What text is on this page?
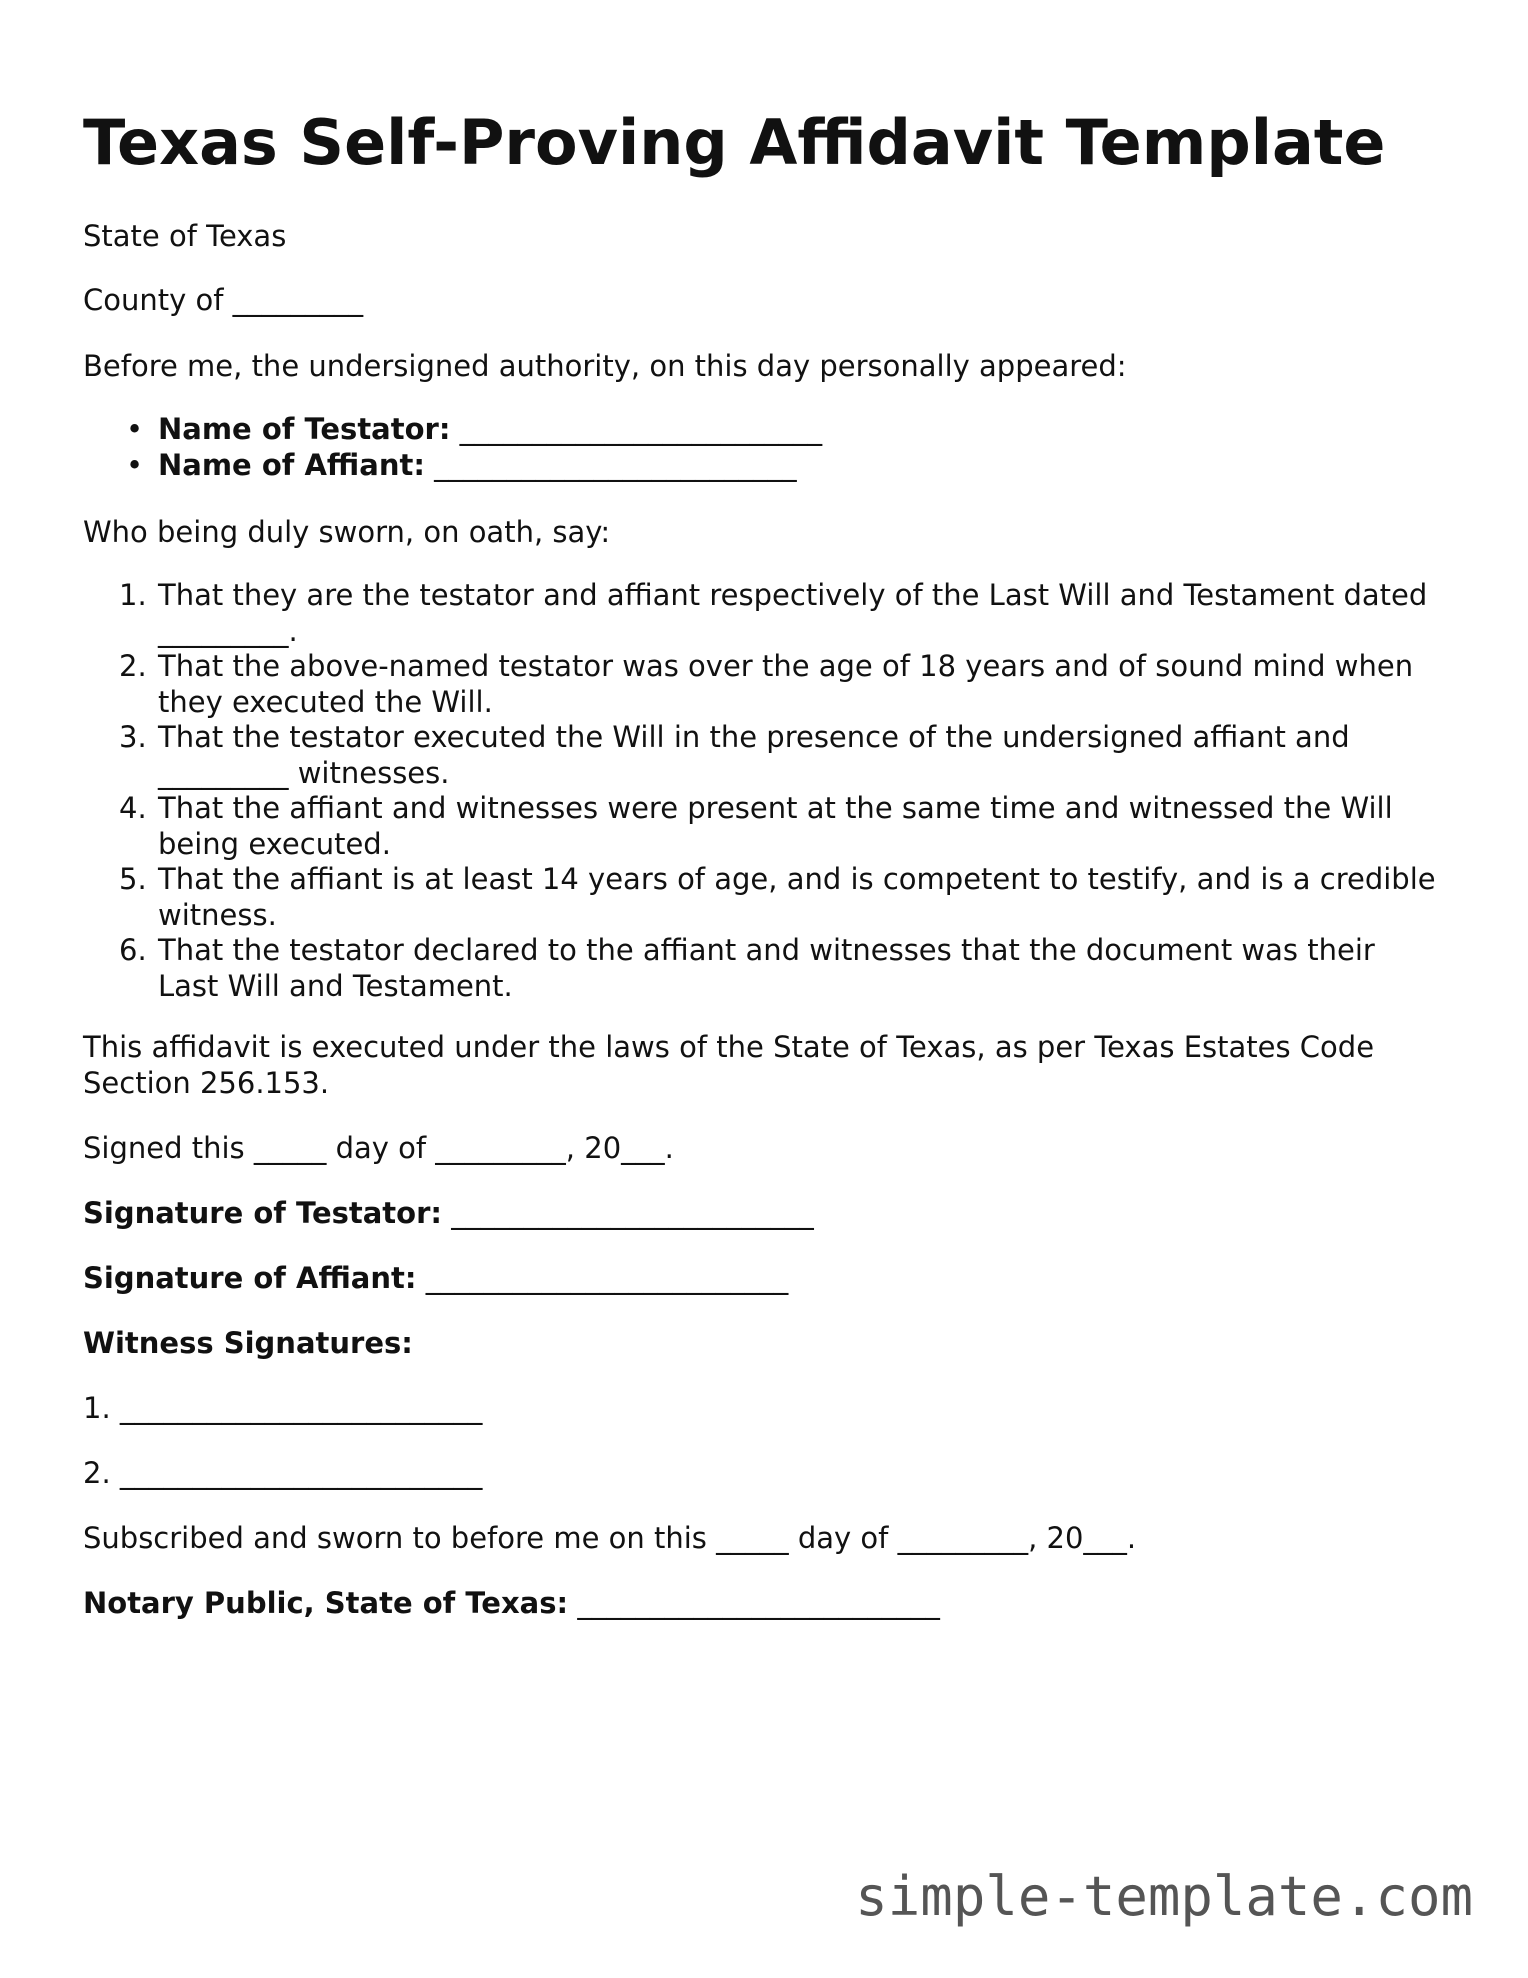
Texas Self-Proving Affidavit Template

State of Texas

County of _________

Before me, the undersigned authority, on this day personally appeared:

• Name of Testator: _________________________
• Name of Affiant: _________________________

Who being duly sworn, on oath, say:

1. That they are the testator and affiant respectively of the Last Will and Testament dated _________.
2. That the above-named testator was over the age of 18 years and of sound mind when they executed the Will.
3. That the testator executed the Will in the presence of the undersigned affiant and _________ witnesses.
4. That the affiant and witnesses were present at the same time and witnessed the Will being executed.
5. That the affiant is at least 14 years of age, and is competent to testify, and is a credible witness.
6. That the testator declared to the affiant and witnesses that the document was their Last Will and Testament.

This affidavit is executed under the laws of the State of Texas, as per Texas Estates Code Section 256.153.

Signed this _____ day of _________, 20___.

Signature of Testator: _________________________

Signature of Affiant: _________________________

Witness Signatures:

1. _________________________

2. _________________________

Subscribed and sworn to before me on this _____ day of _________, 20___.

Notary Public, State of Texas: _________________________

simple-template.com
